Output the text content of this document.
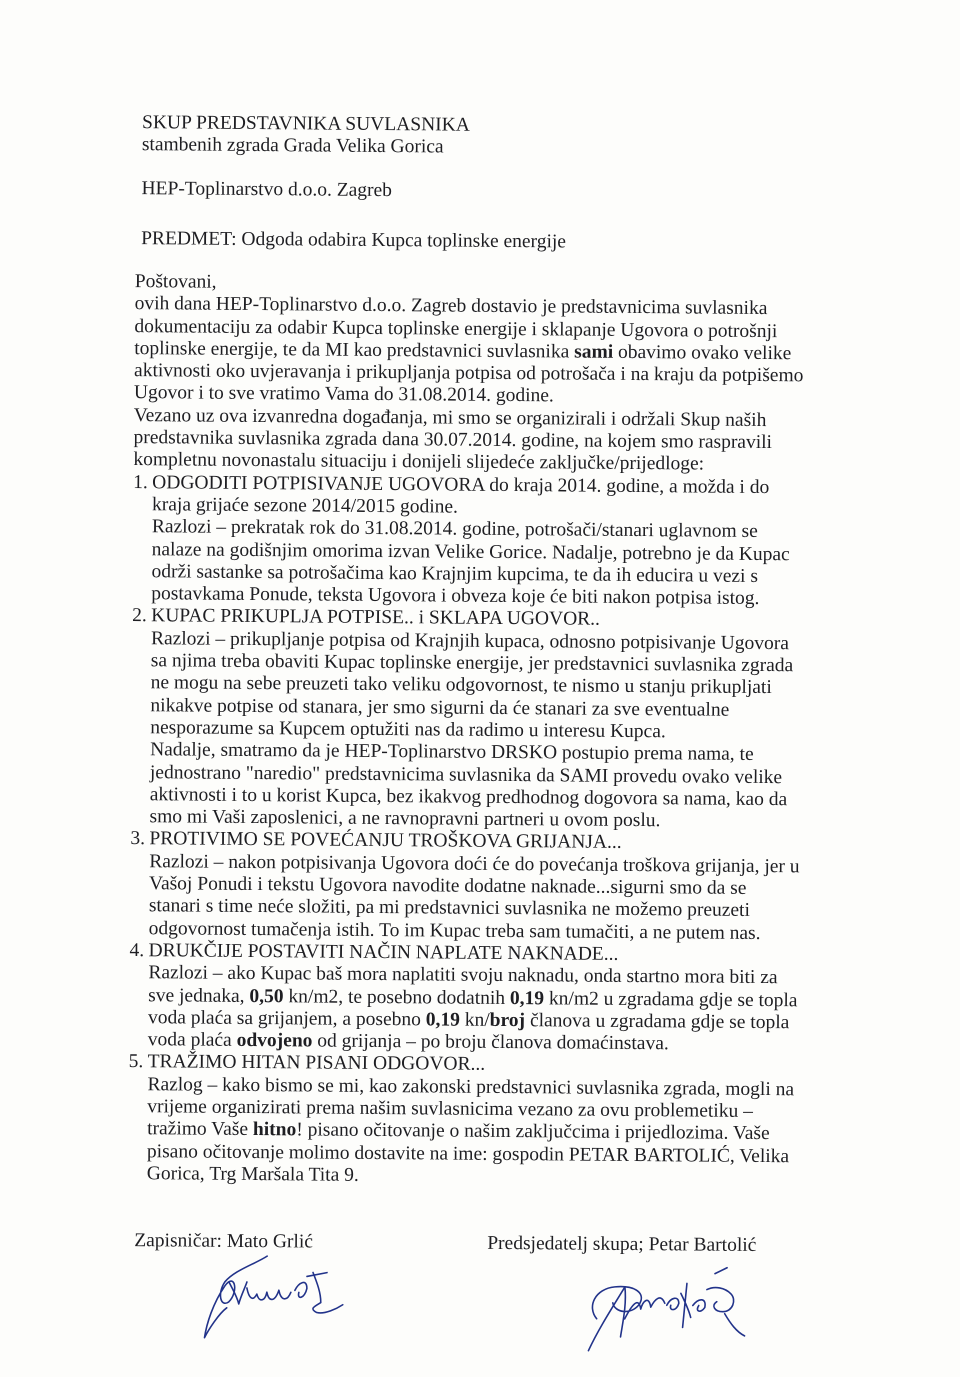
SKUP PREDSTAVNIKA SUVLASNIKA
stambenih zgrada Grada Velika Gorica
HEP-Toplinarstvo d.o.o. Zagreb
PREDMET: Odgoda odabira Kupca toplinske energije
Poštovani,
ovih dana HEP-Toplinarstvo d.o.o. Zagreb dostavio je predstavnicima suvlasnika
dokumentaciju za odabir Kupca toplinske energije i sklapanje Ugovora o potrošnji
toplinske energije, te da MI kao predstavnici suvlasnika sami obavimo ovako velike
aktivnosti oko uvjeravanja i prikupljanja potpisa od potrošača i na kraju da potpišemo
Ugovor i to sve vratimo Vama do 31.08.2014. godine.
Vezano uz ova izvanredna događanja, mi smo se organizirali i održali Skup naših
predstavnika suvlasnika zgrada dana 30.07.2014. godine, na kojem smo raspravili
kompletnu novonastalu situaciju i donijeli slijedeće zaključke/prijedloge:
1. ODGODITI POTPISIVANJE UGOVORA do kraja 2014. godine, a možda i do
kraja grijaće sezone 2014/2015 godine.
Razlozi – prekratak rok do 31.08.2014. godine, potrošači/stanari uglavnom se
nalaze na godišnjim omorima izvan Velike Gorice. Nadalje, potrebno je da Kupac
održi sastanke sa potrošačima kao Krajnjim kupcima, te da ih educira u vezi s
postavkama Ponude, teksta Ugovora i obveza koje će biti nakon potpisa istog.
2. KUPAC PRIKUPLJA POTPISE.. i SKLAPA UGOVOR..
Razlozi – prikupljanje potpisa od Krajnjih kupaca, odnosno potpisivanje Ugovora
sa njima treba obaviti Kupac toplinske energije, jer predstavnici suvlasnika zgrada
ne mogu na sebe preuzeti tako veliku odgovornost, te nismo u stanju prikupljati
nikakve potpise od stanara, jer smo sigurni da će stanari za sve eventualne
nesporazume sa Kupcem optužiti nas da radimo u interesu Kupca.
Nadalje, smatramo da je HEP-Toplinarstvo DRSKO postupio prema nama, te
jednostrano "naredio" predstavnicima suvlasnika da SAMI provedu ovako velike
aktivnosti i to u korist Kupca, bez ikakvog predhodnog dogovora sa nama, kao da
smo mi Vaši zaposlenici, a ne ravnopravni partneri u ovom poslu.
3. PROTIVIMO SE POVEĆANJU TROŠKOVA GRIJANJA...
Razlozi – nakon potpisivanja Ugovora doći će do povećanja troškova grijanja, jer u
Vašoj Ponudi i tekstu Ugovora navodite dodatne naknade...sigurni smo da se
stanari s time neće složiti, pa mi predstavnici suvlasnika ne možemo preuzeti
odgovornost tumačenja istih. To im Kupac treba sam tumačiti, a ne putem nas.
4. DRUKČIJE POSTAVITI NAČIN NAPLATE NAKNADE...
Razlozi – ako Kupac baš mora naplatiti svoju naknadu, onda startno mora biti za
sve jednaka, 0,50 kn/m2, te posebno dodatnih 0,19 kn/m2 u zgradama gdje se topla
voda plaća sa grijanjem, a posebno 0,19 kn/broj članova u zgradama gdje se topla
voda plaća odvojeno od grijanja – po broju članova domaćinstava.
5. TRAŽIMO HITAN PISANI ODGOVOR...
Razlog – kako bismo se mi, kao zakonski predstavnici suvlasnika zgrada, mogli na
vrijeme organizirati prema našim suvlasnicima vezano za ovu problemetiku –
tražimo Vaše hitno! pisano očitovanje o našim zaključcima i prijedlozima. Vaše
pisano očitovanje molimo dostavite na ime: gospodin PETAR BARTOLIĆ, Velika
Gorica, Trg Maršala Tita 9.
Zapisničar: Mato Grlić	Predsjedatelj skupa; Petar Bartolić
